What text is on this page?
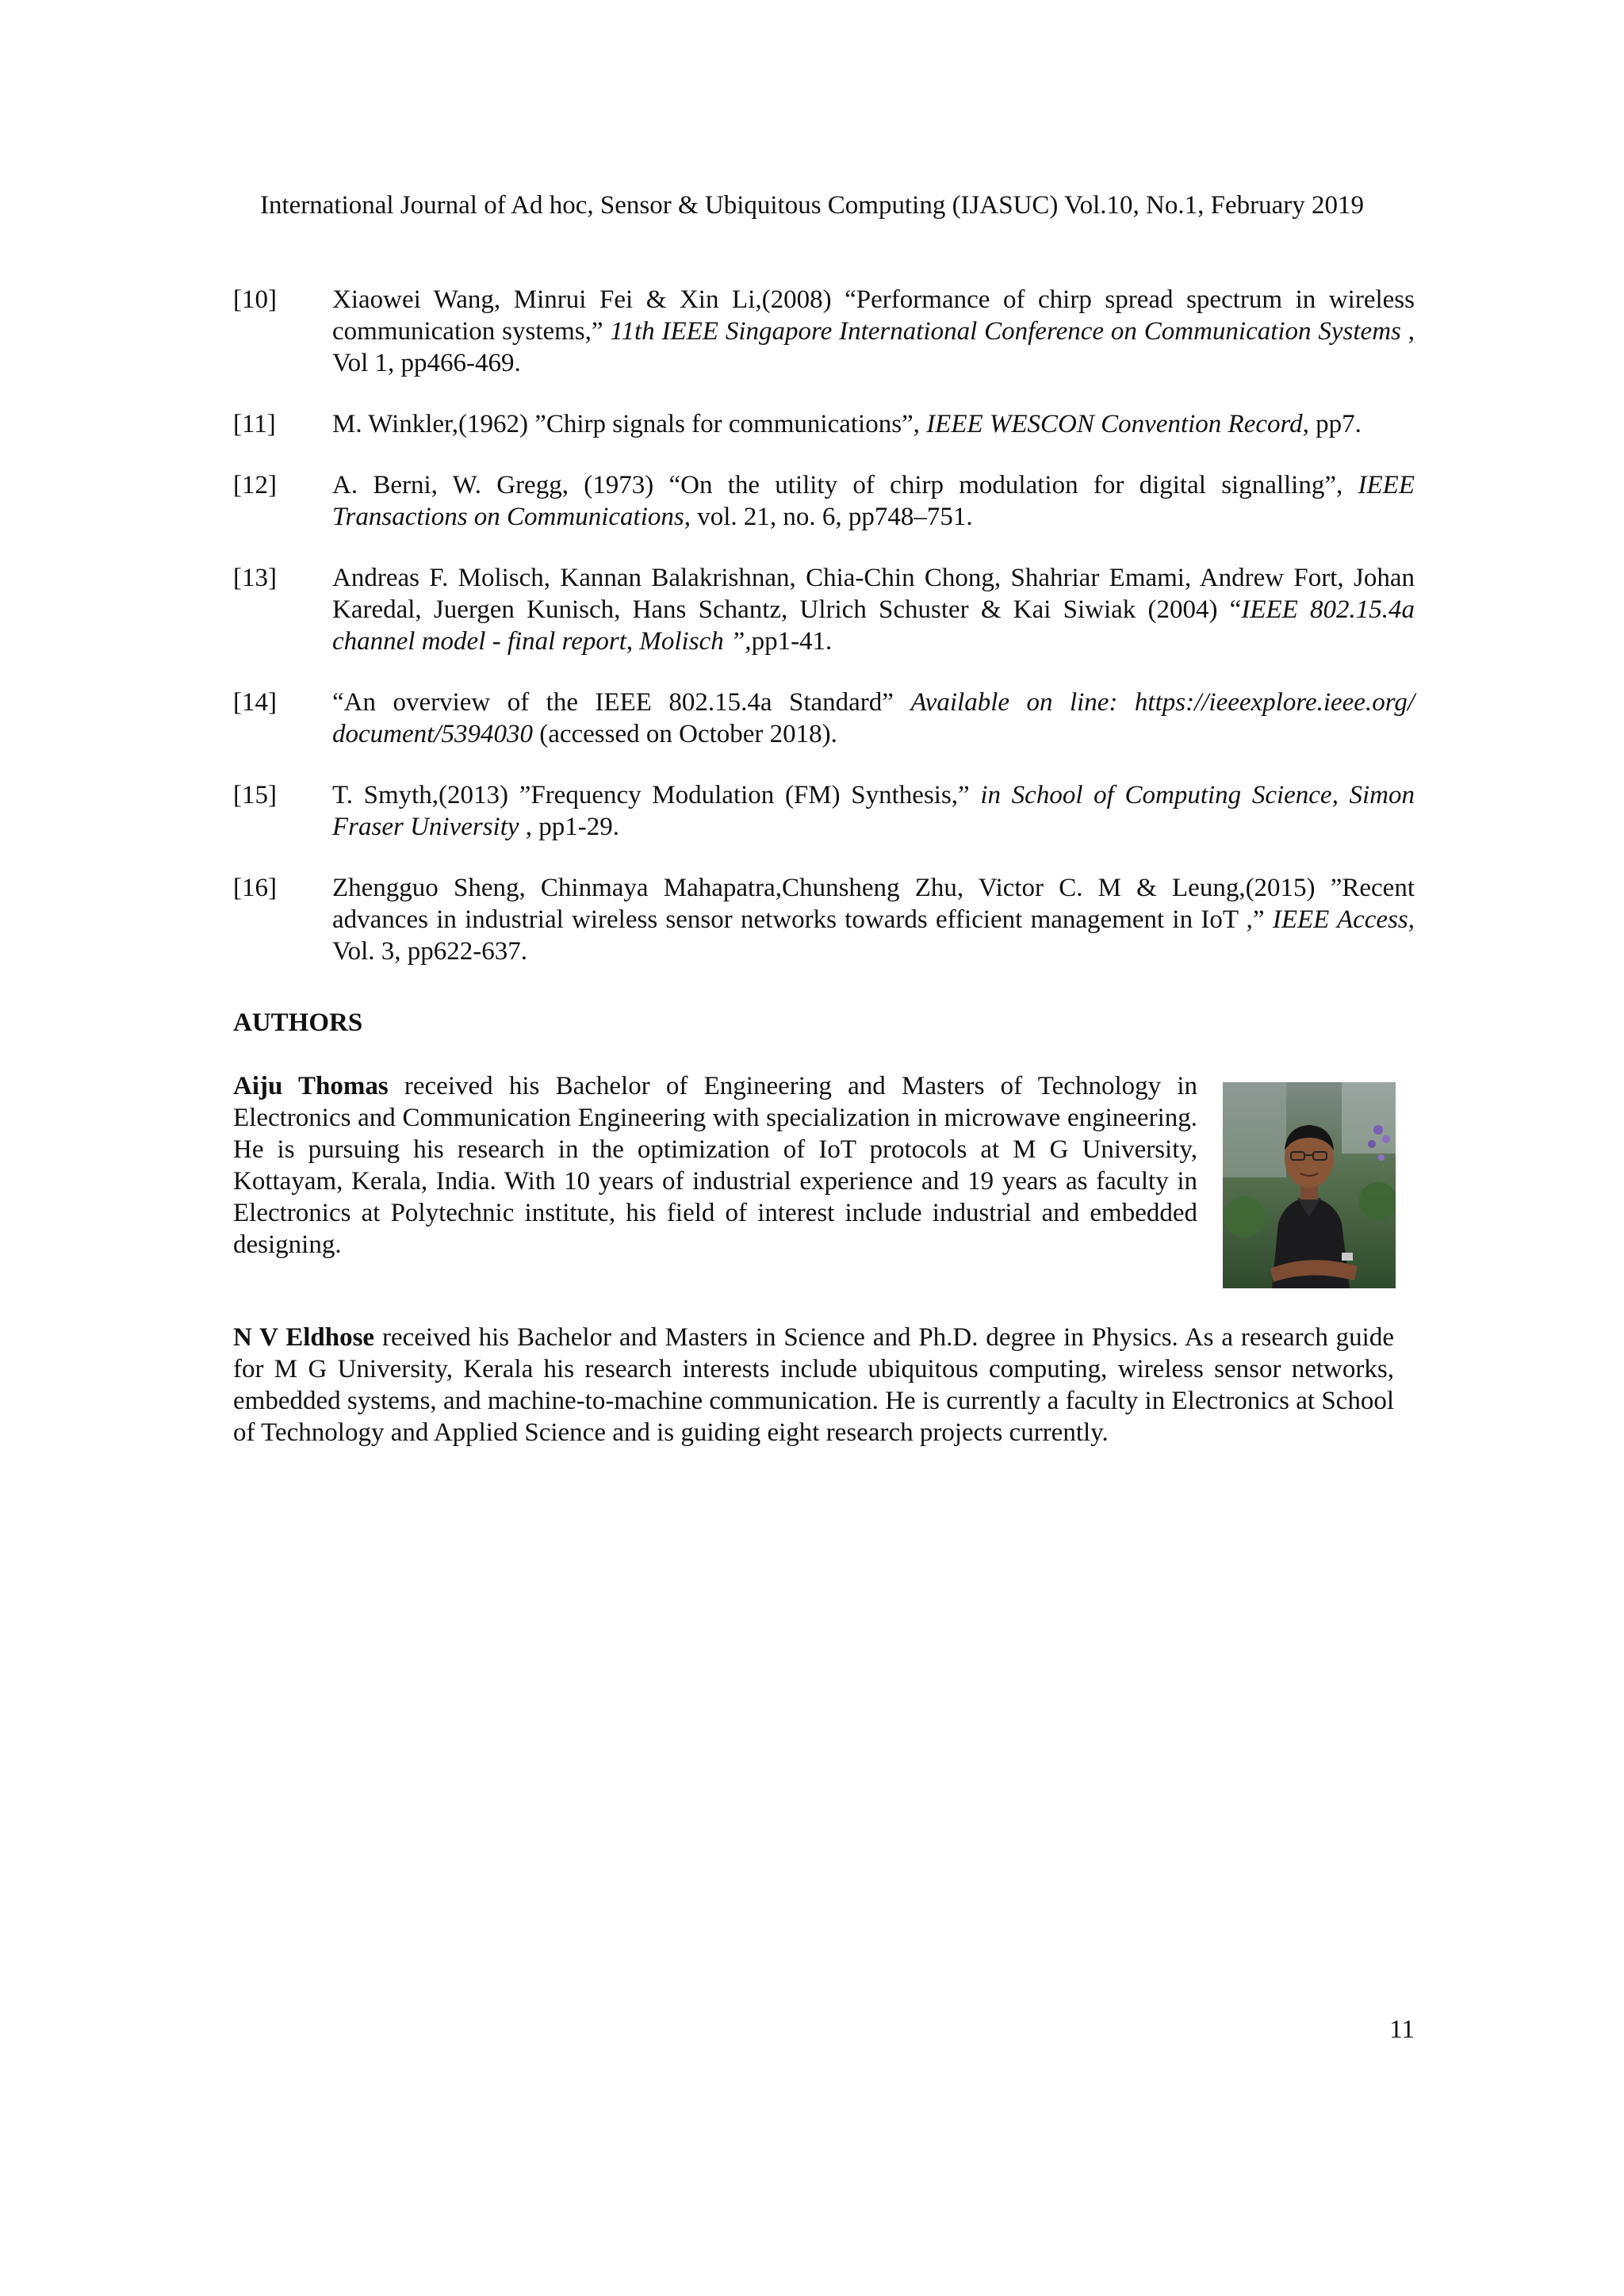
International Journal of Ad hoc, Sensor & Ubiquitous Computing (IJASUC) Vol.10, No.1, February 2019
[10] Xiaowei Wang, Minrui Fei & Xin Li,(2008) “Performance of chirp spread spectrum in wireless communication systems,” 11th IEEE Singapore International Conference on Communication Systems , Vol 1, pp466-469.
[11] M. Winkler,(1962) ”Chirp signals for communications”, IEEE WESCON Convention Record, pp7.
[12] A. Berni, W. Gregg, (1973) “On the utility of chirp modulation for digital signalling”, IEEE Transactions on Communications, vol. 21, no. 6, pp748–751.
[13] Andreas F. Molisch, Kannan Balakrishnan, Chia-Chin Chong, Shahriar Emami, Andrew Fort, Johan Karedal, Juergen Kunisch, Hans Schantz, Ulrich Schuster & Kai Siwiak (2004) “IEEE 802.15.4a channel model - final report, Molisch ”,pp1-41.
[14] “An overview of the IEEE 802.15.4a Standard” Available on line: https://ieeexplore.ieee.org/ document/5394030 (accessed on October 2018).
[15] T. Smyth,(2013) ”Frequency Modulation (FM) Synthesis,” in School of Computing Science, Simon Fraser University , pp1-29.
[16] Zhengguo Sheng, Chinmaya Mahapatra,Chunsheng Zhu, Victor C. M & Leung,(2015) ”Recent advances in industrial wireless sensor networks towards efficient management in IoT ,” IEEE Access, Vol. 3, pp622-637.
AUTHORS
Aiju Thomas received his Bachelor of Engineering and Masters of Technology in Electronics and Communication Engineering with specialization in microwave engineering. He is pursuing his research in the optimization of IoT protocols at M G University, Kottayam, Kerala, India. With 10 years of industrial experience and 19 years as faculty in Electronics at Polytechnic institute, his field of interest include industrial and embedded designing.
N V Eldhose received his Bachelor and Masters in Science and Ph.D. degree in Physics. As a research guide for M G University, Kerala his research interests include ubiquitous computing, wireless sensor networks, embedded systems, and machine-to-machine communication. He is currently a faculty in Electronics at School of Technology and Applied Science and is guiding eight research projects currently.
11
